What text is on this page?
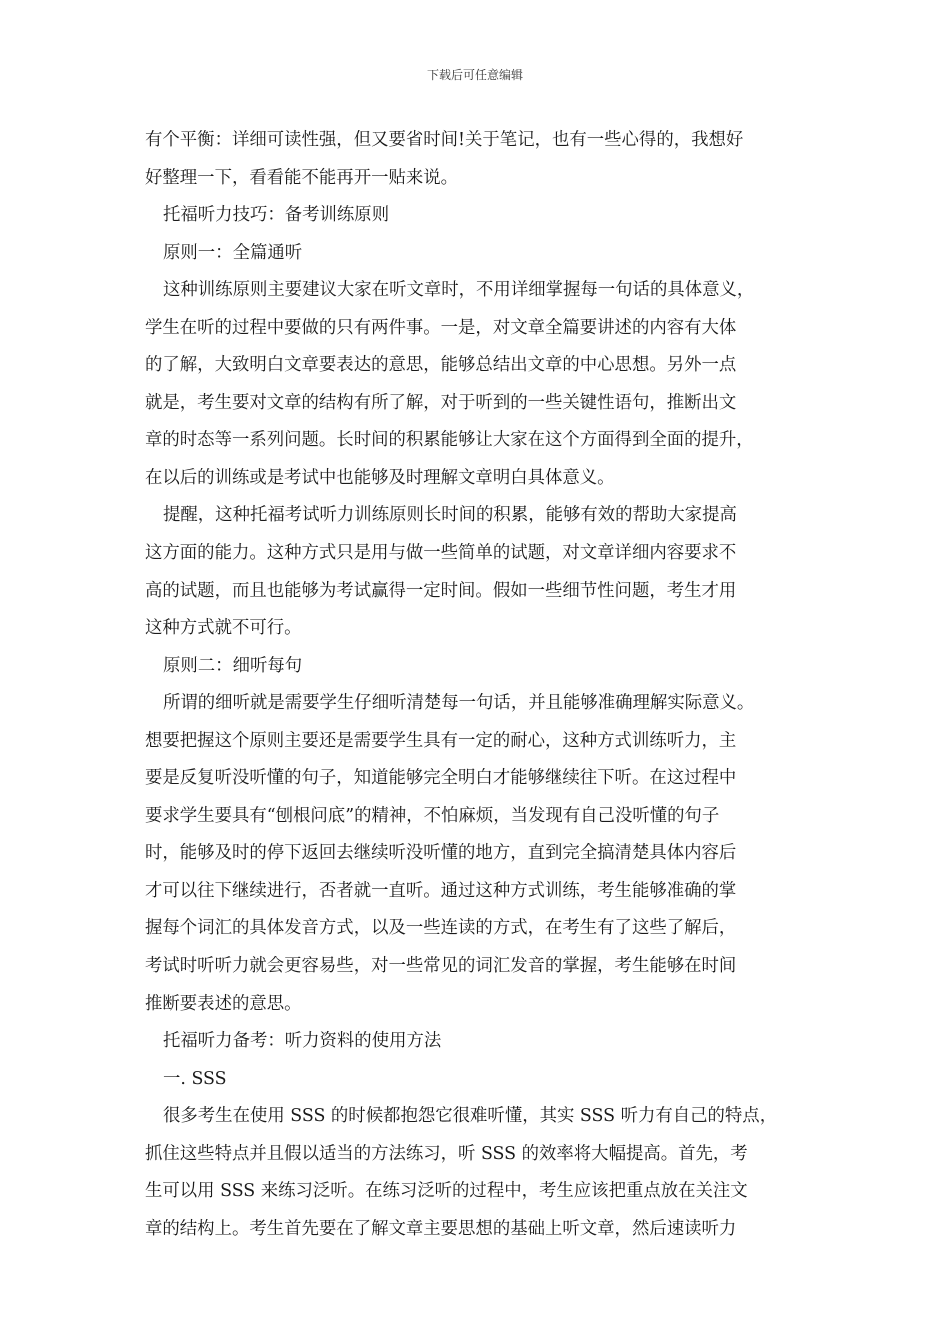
下载后可任意编辑

有个平衡：详细可读性强，但又要省时间!关于笔记，也有一些心得的，我想好

好整理一下，看看能不能再开一贴来说。

托福听力技巧：备考训练原则

原则一：全篇通听

这种训练原则主要建议大家在听文章时，不用详细掌握每一句话的具体意义，

学生在听的过程中要做的只有两件事。一是，对文章全篇要讲述的内容有大体

的了解，大致明白文章要表达的意思，能够总结出文章的中心思想。另外一点

就是，考生要对文章的结构有所了解，对于听到的一些关键性语句，推断出文

章的时态等一系列问题。长时间的积累能够让大家在这个方面得到全面的提升，

在以后的训练或是考试中也能够及时理解文章明白具体意义。

提醒，这种托福考试听力训练原则长时间的积累，能够有效的帮助大家提高

这方面的能力。这种方式只是用与做一些简单的试题，对文章详细内容要求不

高的试题，而且也能够为考试赢得一定时间。假如一些细节性问题，考生才用

这种方式就不可行。

原则二：细听每句

所谓的细听就是需要学生仔细听清楚每一句话，并且能够准确理解实际意义。

想要把握这个原则主要还是需要学生具有一定的耐心，这种方式训练听力，主

要是反复听没听懂的句子，知道能够完全明白才能够继续往下听。在这过程中

要求学生要具有“刨根问底”的精神，不怕麻烦，当发现有自己没听懂的句子

时，能够及时的停下返回去继续听没听懂的地方，直到完全搞清楚具体内容后

才可以往下继续进行，否者就一直听。通过这种方式训练，考生能够准确的掌

握每个词汇的具体发音方式，以及一些连读的方式，在考生有了这些了解后，

考试时听听力就会更容易些，对一些常见的词汇发音的掌握，考生能够在时间

推断要表述的意思。

托福听力备考：听力资料的使用方法

一. SSS

很多考生在使用 SSS 的时候都抱怨它很难听懂，其实 SSS 听力有自己的特点，

抓住这些特点并且假以适当的方法练习，听 SSS 的效率将大幅提高。首先，考

生可以用 SSS 来练习泛听。在练习泛听的过程中，考生应该把重点放在关注文

章的结构上。考生首先要在了解文章主要思想的基础上听文章，然后速读听力
